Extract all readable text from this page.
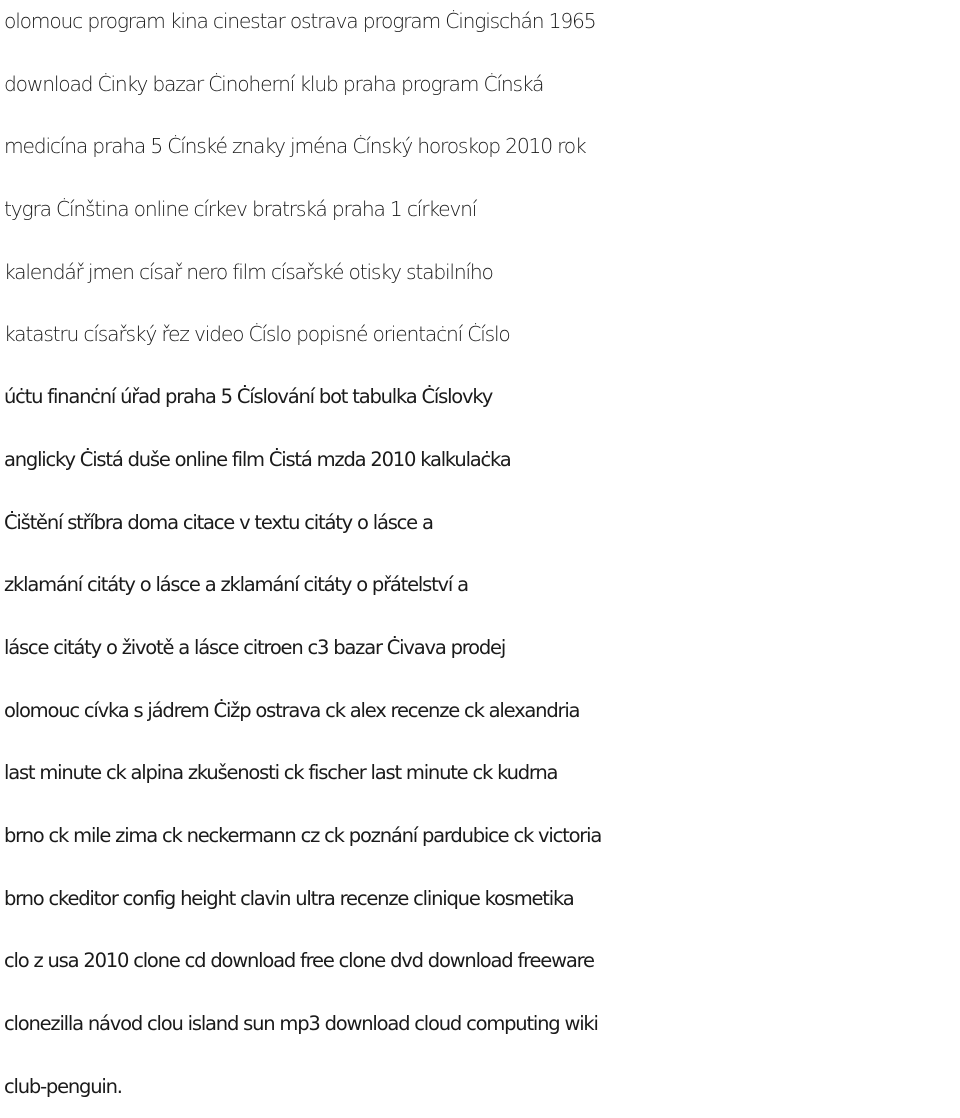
olomouc program kina cinestar ostrava program Ċingischán 1965
download Ċinky bazar Ċinoherní klub praha program Ċínská
medicína praha 5 Ċínské znaky jména Ċínský horoskop 2010 rok
tygra Ċínština online církev bratrská praha 1 církevní
kalendář jmen císař nero film císařské otisky stabilního
katastru císařský řez video Ċíslo popisné orientaċní Ċíslo
úċtu finanċní úřad praha 5 Ċíslování bot tabulka Ċíslovky
anglicky Ċistá duše online film Ċistá mzda 2010 kalkulaċka
Ċištění stříbra doma citace v textu citáty o lásce a
zklamání citáty o lásce a zklamání citáty o přátelství a
lásce citáty o životě a lásce citroen c3 bazar Ċivava prodej
olomouc cívka s jádrem Ċižp ostrava ck alex recenze ck alexandria
last minute ck alpina zkušenosti ck fischer last minute ck kudrna
brno ck mile zima ck neckermann cz ck poznání pardubice ck victoria
brno ckeditor config height clavin ultra recenze clinique kosmetika
clo z usa 2010 clone cd download free clone dvd download freeware
clonezilla návod clou island sun mp3 download cloud computing wiki
club-penguin.
